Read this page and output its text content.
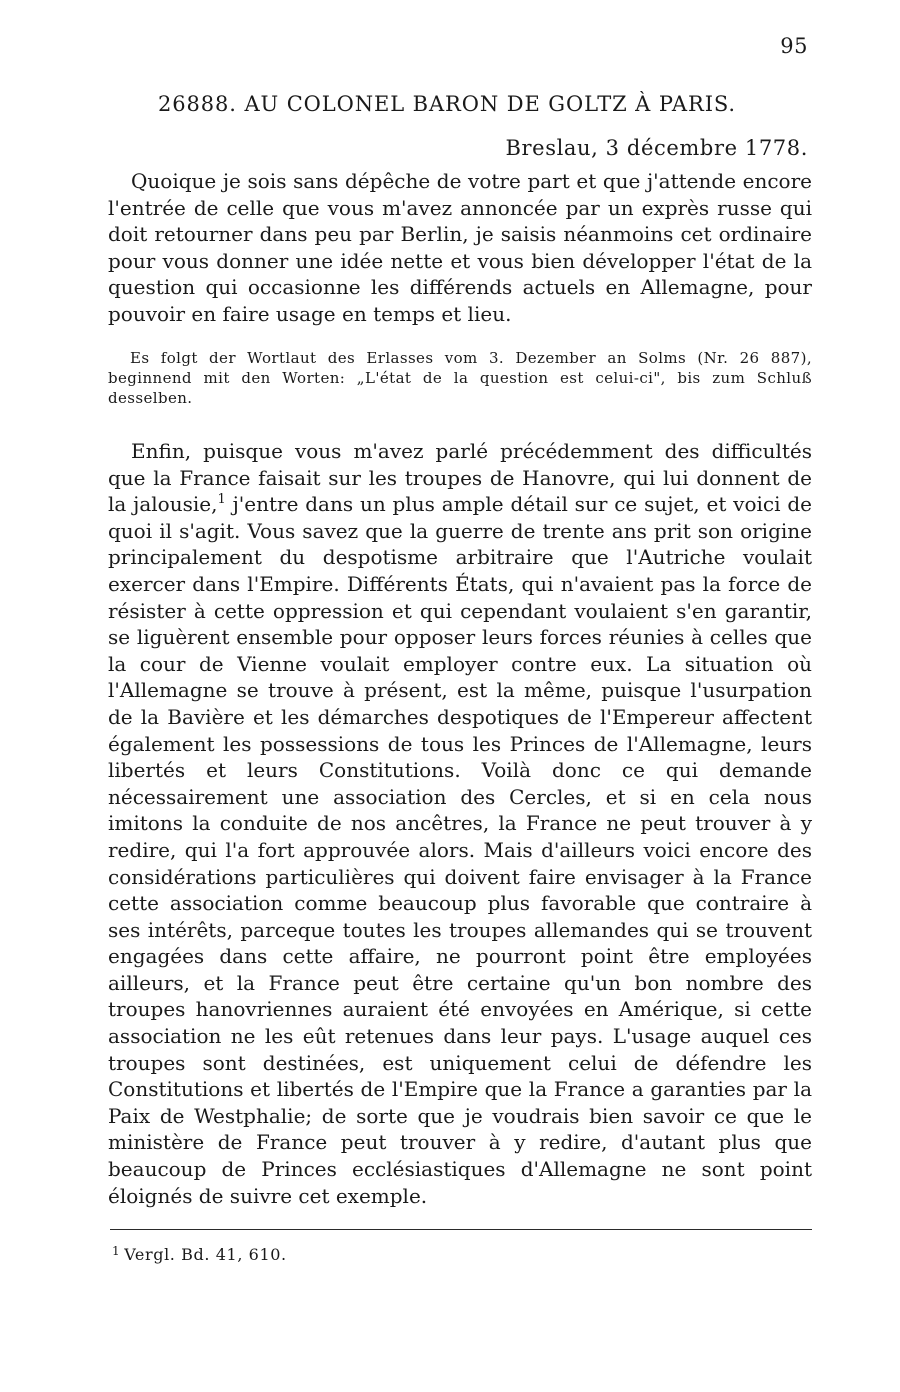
95
26888. AU COLONEL BARON DE GOLTZ À PARIS.
Breslau, 3 décembre 1778.

Quoique je sois sans dépêche de votre part et que j'attende encore l'entrée de celle que vous m'avez annoncée par un exprès russe qui doit retourner dans peu par Berlin, je saisis néanmoins cet ordinaire pour vous donner une idée nette et vous bien développer l'état de la question qui occasionne les différends actuels en Allemagne, pour pouvoir en faire usage en temps et lieu.

Es folgt der Wortlaut des Erlasses vom 3. Dezember an Solms (Nr. 26 887), beginnend mit den Worten: „L'état de la question est celui-ci", bis zum Schluß desselben.

Enfin, puisque vous m'avez parlé précédemment des difficultés que la France faisait sur les troupes de Hanovre, qui lui donnent de la jalousie,$^1$ j'entre dans un plus ample détail sur ce sujet, et voici de quoi il s'agit. Vous savez que la guerre de trente ans prit son origine principalement du despotisme arbitraire que l'Autriche voulait exercer dans l'Empire. Différents États, qui n'avaient pas la force de résister à cette oppression et qui cependant voulaient s'en garantir, se liguèrent ensemble pour opposer leurs forces réunies à celles que la cour de Vienne voulait employer contre eux. La situation où l'Allemagne se trouve à présent, est la même, puisque l'usurpation de la Bavière et les démarches despotiques de l'Empereur affectent également les possessions de tous les Princes de l'Allemagne, leurs libertés et leurs Constitutions. Voilà donc ce qui demande nécessairement une association des Cercles, et si en cela nous imitons la conduite de nos ancêtres, la France ne peut trouver à y redire, qui l'a fort approuvée alors. Mais d'ailleurs voici encore des considérations particulières qui doivent faire envisager à la France cette association comme beaucoup plus favorable que contraire à ses intérêts, parceque toutes les troupes allemandes qui se trouvent engagées dans cette affaire, ne pourront point être employées ailleurs, et la France peut être certaine qu'un bon nombre des troupes hanovriennes auraient été envoyées en Amérique, si cette association ne les eût retenues dans leur pays. L'usage auquel ces troupes sont destinées, est uniquement celui de défendre les Constitutions et libertés de l'Empire que la France a garanties par la Paix de Westphalie; de sorte que je voudrais bien savoir ce que le ministère de France peut trouver à y redire, d'autant plus que beaucoup de Princes ecclésiastiques d'Allemagne ne sont point éloignés de suivre cet exemple.

$^1$ Vergl. Bd. 41, 610.
